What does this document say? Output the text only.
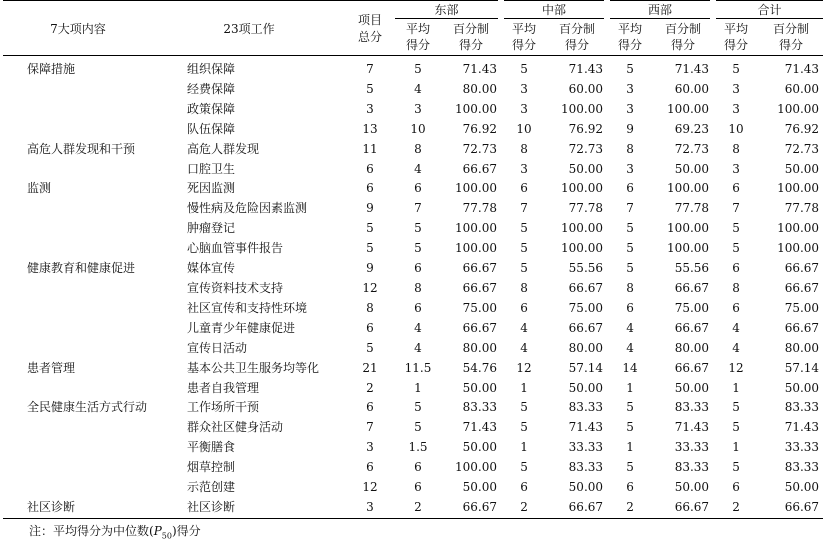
7大项内容	23项工作	项目总分	东部		中部		西部		合计	
			平均得分	百分制得分	平均得分	百分制得分	平均得分	百分制得分	平均得分	百分制得分
保障措施	组织保障	7	5	71.43	5	71.43	5	71.43	5	71.43
	经费保障	5	4	80.00	3	60.00	3	60.00	3	60.00
	政策保障	3	3	100.00	3	100.00	3	100.00	3	100.00
	队伍保障	13	10	76.92	10	76.92	9	69.23	10	76.92
高危人群发现和干预	高危人群发现	11	8	72.73	8	72.73	8	72.73	8	72.73
	口腔卫生	6	4	66.67	3	50.00	3	50.00	3	50.00
监测	死因监测	6	6	100.00	6	100.00	6	100.00	6	100.00
	慢性病及危险因素监测	9	7	77.78	7	77.78	7	77.78	7	77.78
	肿瘤登记	5	5	100.00	5	100.00	5	100.00	5	100.00
	心脑血管事件报告	5	5	100.00	5	100.00	5	100.00	5	100.00
健康教育和健康促进	媒体宣传	9	6	66.67	5	55.56	5	55.56	6	66.67
	宣传资料技术支持	12	8	66.67	8	66.67	8	66.67	8	66.67
	社区宣传和支持性环境	8	6	75.00	6	75.00	6	75.00	6	75.00
	儿童青少年健康促进	6	4	66.67	4	66.67	4	66.67	4	66.67
	宣传日活动	5	4	80.00	4	80.00	4	80.00	4	80.00
患者管理	基本公共卫生服务均等化	21	11.5	54.76	12	57.14	14	66.67	12	57.14
	患者自我管理	2	1	50.00	1	50.00	1	50.00	1	50.00
全民健康生活方式行动	工作场所干预	6	5	83.33	5	83.33	5	83.33	5	83.33
	群众社区健身活动	7	5	71.43	5	71.43	5	71.43	5	71.43
	平衡膳食	3	1.5	50.00	1	33.33	1	33.33	1	33.33
	烟草控制	6	6	100.00	5	83.33	5	83.33	5	83.33
	示范创建	12	6	50.00	6	50.00	6	50.00	6	50.00
社区诊断	社区诊断	3	2	66.67	2	66.67	2	66.67	2	66.67
注：平均得分为中位数$(P_{50})$得分
